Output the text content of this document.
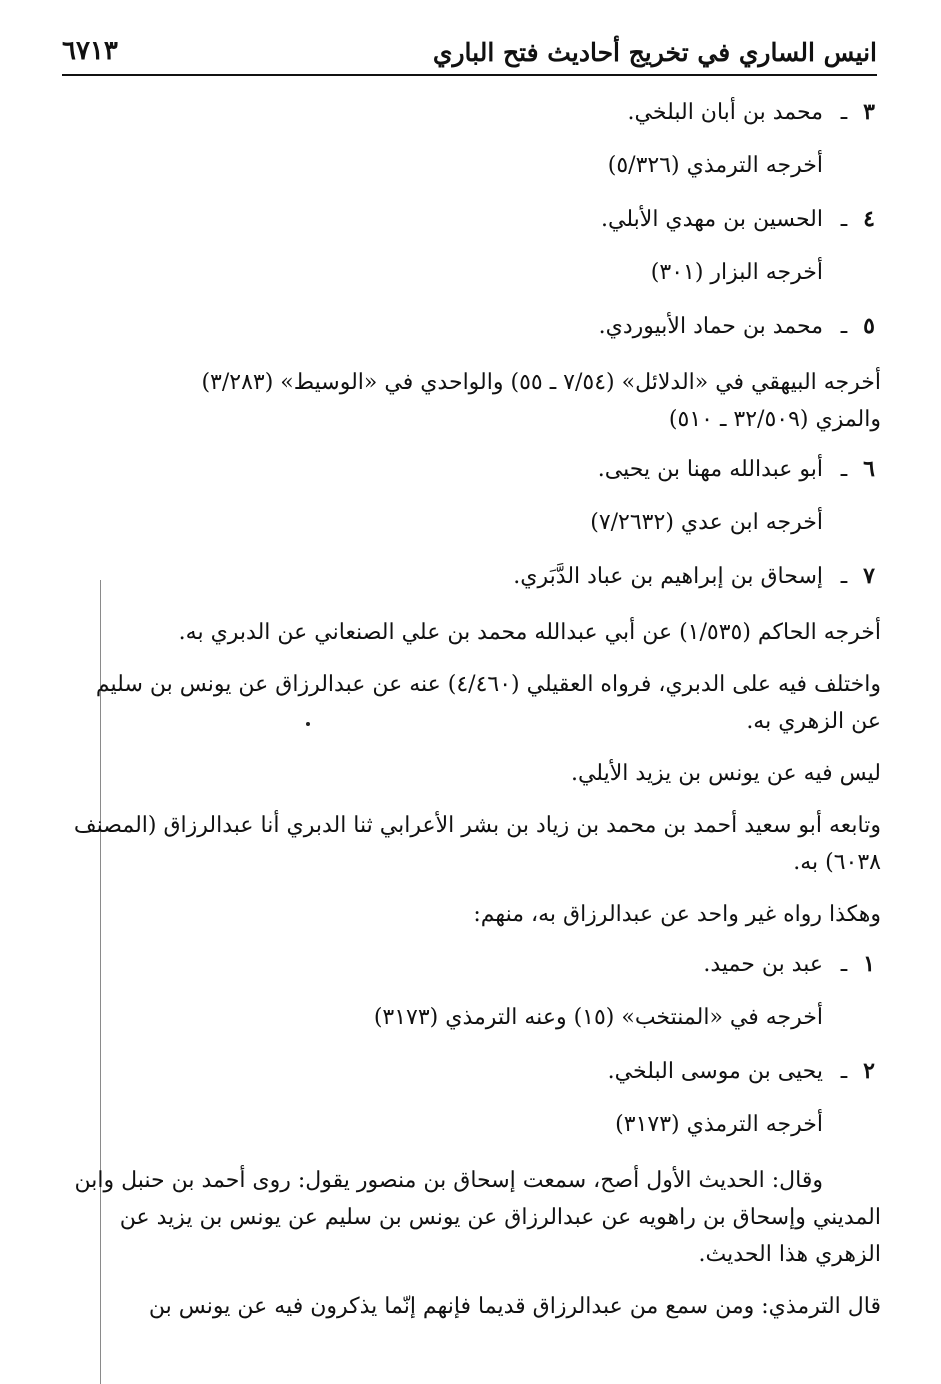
انيس الساري في تخريج أحاديث فتح الباري
٦٧١٣
٣
ـ
محمد بن أبان البلخي.
أخرجه الترمذي (٥/٣٢٦)
٤
ـ
الحسين بن مهدي الأبلي.
أخرجه البزار (٣٠١)
٥
ـ
محمد بن حماد الأبيوردي.
أخرجه البيهقي في «الدلائل» (٧/٥٤ ـ ٥٥) والواحدي في «الوسيط» (٣/٢٨٣)
والمزي (٣٢/٥٠٩ ـ ٥١٠)
٦
ـ
أبو عبدالله مهنا بن يحيى.
أخرجه ابن عدي (٧/٢٦٣٢)
٧
ـ
إسحاق بن إبراهيم بن عباد الدَّبَري.
أخرجه الحاكم (١/٥٣٥) عن أبي عبدالله محمد بن علي الصنعاني عن الدبري به.
واختلف فيه على الدبري، فرواه العقيلي (٤/٤٦٠) عنه عن عبدالرزاق عن يونس بن سليم عن الزهري به.
ليس فيه عن يونس بن يزيد الأيلي.
وتابعه أبو سعيد أحمد بن محمد بن زياد بن بشر الأعرابي ثنا الدبري أنا عبدالرزاق (المصنف ٦٠٣٨) به.
وهكذا رواه غير واحد عن عبدالرزاق به، منهم:
١
ـ
عبد بن حميد.
أخرجه في «المنتخب» (١٥) وعنه الترمذي (٣١٧٣)
٢
ـ
يحيى بن موسى البلخي.
أخرجه الترمذي (٣١٧٣)
وقال: الحديث الأول أصح، سمعت إسحاق بن منصور يقول: روى أحمد بن حنبل وابن المديني وإسحاق بن راهويه عن عبدالرزاق عن يونس بن سليم عن يونس بن يزيد عن الزهري هذا الحديث.
قال الترمذي: ومن سمع من عبدالرزاق قديما فإنهم إنّما يذكرون فيه عن يونس بن
